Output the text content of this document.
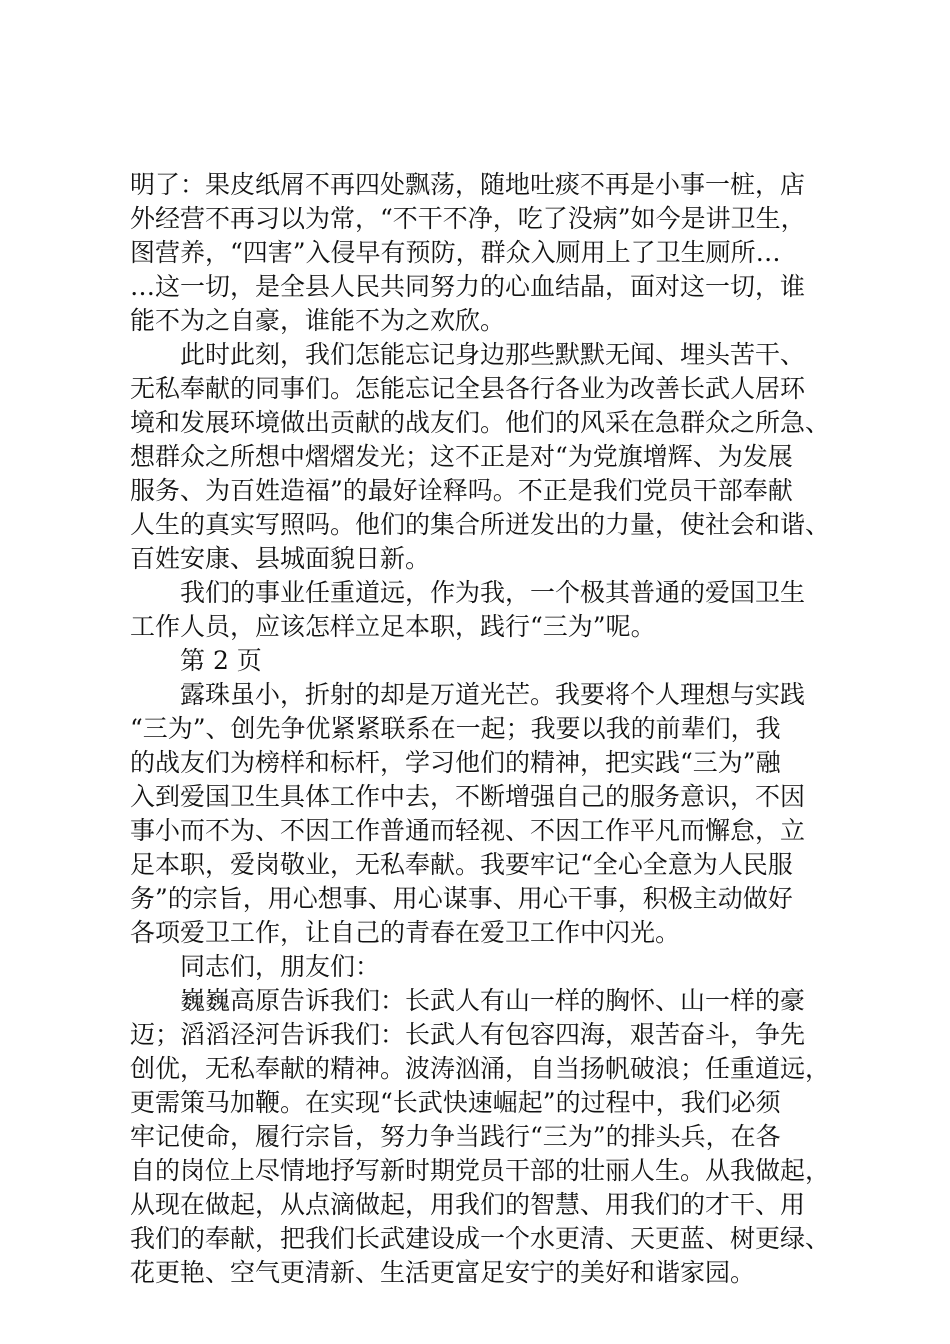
明了：果皮纸屑不再四处飘荡，随地吐痰不再是小事一桩，店
外经营不再习以为常，“不干不净，吃了没病”如今是讲卫生，
图营养，“四害”入侵早有预防，群众入厕用上了卫生厕所…
…这一切，是全县人民共同努力的心血结晶，面对这一切，谁
能不为之自豪，谁能不为之欢欣。
此时此刻，我们怎能忘记身边那些默默无闻、埋头苦干、
无私奉献的同事们。怎能忘记全县各行各业为改善长武人居环
境和发展环境做出贡献的战友们。他们的风采在急群众之所急、
想群众之所想中熠熠发光；这不正是对“为党旗增辉、为发展
服务、为百姓造福”的最好诠释吗。不正是我们党员干部奉献
人生的真实写照吗。他们的集合所迸发出的力量，使社会和谐、
百姓安康、县城面貌日新。
我们的事业任重道远，作为我，一个极其普通的爱国卫生
工作人员，应该怎样立足本职，践行“三为”呢。
第 2 页
露珠虽小，折射的却是万道光芒。我要将个人理想与实践
“三为”、创先争优紧紧联系在一起；我要以我的前辈们，我
的战友们为榜样和标杆，学习他们的精神，把实践“三为”融
入到爱国卫生具体工作中去，不断增强自己的服务意识，不因
事小而不为、不因工作普通而轻视、不因工作平凡而懈怠，立
足本职，爱岗敬业，无私奉献。我要牢记“全心全意为人民服
务”的宗旨，用心想事、用心谋事、用心干事，积极主动做好
各项爱卫工作，让自己的青春在爱卫工作中闪光。
同志们，朋友们：
巍巍高原告诉我们：长武人有山一样的胸怀、山一样的豪
迈；滔滔泾河告诉我们：长武人有包容四海，艰苦奋斗，争先
创优，无私奉献的精神。波涛汹涌，自当扬帆破浪；任重道远，
更需策马加鞭。在实现“长武快速崛起”的过程中，我们必须
牢记使命，履行宗旨，努力争当践行“三为”的排头兵，在各
自的岗位上尽情地抒写新时期党员干部的壮丽人生。从我做起，
从现在做起，从点滴做起，用我们的智慧、用我们的才干、用
我们的奉献，把我们长武建设成一个水更清、天更蓝、树更绿、
花更艳、空气更清新、生活更富足安宁的美好和谐家园。
